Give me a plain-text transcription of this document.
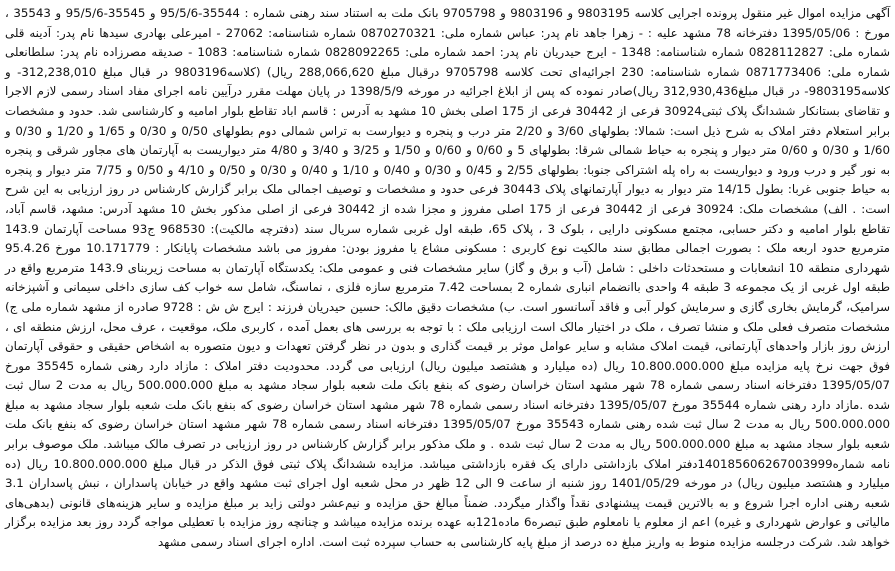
آگهی مزایده اموال غیر منقول پرونده اجرایی کلاسه 9803195 و 9803196 و 9705798 بانک ملت به استناد سند رهنی شماره : 35544-95/5/6 و 35545-95/5/6 و 35543 ، مورخ : 1395/05/06 دفترخانه 78 مشهد علیه : - زهرا جاهد نام پدر: عباس شماره ملی: 0870270321 شماره شناسنامه: 27062 - امیرعلی بهادری سیدها نام پدر: آدینه قلی شماره ملی: 0828112827 شماره شناسنامه: 1348 - ایرج حیدریان نام پدر: احمد شماره ملی: 0828092265 شماره شناسنامه: 1083 - صدیقه مصرزاده نام پدر: سلطانعلی شماره ملی: 0871773406 شماره شناسنامه: 230 اجرائیه‌ای تحت کلاسه 9705798 درقبال مبلغ 288,066,620 ریال) (کلاسه9803196 در قبال مبلغ 312,238,010- و کلاسه9803195- در قبال مبلغ312,930,436 ریال)صادر نموده که پس از ابلاغ اجرائیه در مورخه 1398/5/9 در پایان مهلت مقرر درآیین نامه اجرای مفاد اسناد رسمی لازم الاجرا و تقاضای بستانکار ششدانگ پلاک ثبتی30924 فرعی از 30442 فرعی از 175 اصلی بخش 10 مشهد به آدرس : قاسم اباد تقاطع بلوار امامیه و کارشناسی شد. حدود و مشخصات برابر استعلام دفتر املاک به شرح ذیل است: شمالا: بطولهای 3/60 و 2/20 متر درب و پنجره و دیوارست به تراس شمالی دوم بطولهای 0/50 و 0/30 و 1/65 و 1/20 و 0/30 و 1/60 و 0/30 و 0/60 متر دیوار و پنجره به حیاط شمالی شرقا: بطولهای 5 و 0/60 و 0/60 و 1/50 و 3/25 و 3/40 و 4/80 متر دیواریست به آپارتمان های مجاور شرقی و پنجره به نور گیر و درب ورود و دیواریست به راه پله اشتراکی جنوبا: بطولهای 2/55 و 0/45 و 0/30 و 0/40 و 1/10 و 0/40 و 0/30 و 0/50 و 4/10 و 0/50 و 7/75 متر دیوار و پنجره به حیاط جنوبی غربا: بطول 14/15 متر دیوار به دیوار آپارتمانهای پلاک 30443 فرعی حدود و مشخصات و توصیف اجمالی ملک برابر گزارش کارشناس در روز ارزیابی به این شرح است: . الف) مشخصات ملک: 30924 فرعی از 30442 فرعی از 175 اصلی مفروز و مجزا شده از 30442 فرعی از اصلی مذکور بخش 10 مشهد آدرس: مشهد، قاسم آباد، تقاطع بلوار امامیه و دکتر حسابی، مجتمع مسکونی دارایی ، بلوک 3 ، پلاک 65، طبقه اول غربی شماره سریال سند (دفترچه مالکیت): 968530 ج93 مساحت آپارتمان 143.9 مترمربع حدود اربعه ملک : بصورت اجمالی مطابق سند مالکیت نوع کاربری : مسکونی مشاع یا مفروز بودن: مفروز می باشد مشخصات پایانکار : 10.171779 مورخ 95.4.26 شهرداری منطقه 10 انشعابات و مستحدثات داخلی : شامل (آب و برق و گاز) سایر مشخصات فنی و عمومی ملک: یکدستگاه آپارتمان به مساحت زیربنای 143.9 مترمربع واقع در طبقه اول غربی از یک مجموعه 3 طبقه 4 واحدی باانضمام انباری شماره 2 بمساحت 7.42 مترمربع سازه فلزی ، نماسنگ، شامل سه خواب کف سازی داخلی سیمانی و آشپزخانه سرامیک، گرمایش بخاری گازی و سرمایش کولر آبی و فاقد آسانسور است. ب) مشخصات دقیق مالک: حسین حیدریان فرزند : ایرج ش ش : 9728 صادره از مشهد شماره ملی ج) مشخصات متصرف فعلی ملک و منشا تصرف ، ملک در اختیار مالک است ارزیابی ملک : با توجه به بررسی های بعمل آمده ، کاربری ملک، موقعیت ، عرف محل، ارزش منطقه ای ، ارزش روز بازار واحدهای آپارتمانی، قیمت املاک مشابه و سایر عوامل موثر بر قیمت گذاری و بدون در نظر گرفتن تعهدات و دیون متصوره به اشخاص حقیقی و حقوقی آپارتمان فوق جهت نرخ پایه مزایده مبلغ 10.800.000.000 ریال (ده میلیارد و هشتصد میلیون ریال) ارزیابی می گردد. محدودیت دفتر املاک : مازاد دارد رهنی شماره 35545 مورخ 1395/05/07 دفترخانه اسناد رسمی شماره 78 شهر مشهد استان خراسان رضوی که بنفع بانک ملت شعبه بلوار سجاد مشهد به مبلغ 500.000.000 ریال به مدت 2 سال ثبت شده .مازاد دارد رهنی شماره 35544 مورخ 1395/05/07 دفترخانه اسناد رسمی شماره 78 شهر مشهد استان خراسان رضوی که بنفع بانک ملت شعبه بلوار سجاد مشهد به مبلغ 500.000.000 ریال به مدت 2 سال ثبت شده رهنی شماره 35543 مورخ 1395/05/07 دفترخانه اسناد رسمی شماره 78 شهر مشهد استان خراسان رضوی که بنفع بانک ملت شعبه بلوار سجاد مشهد به مبلغ 500.000.000 ریال به مدت 2 سال ثبت شده . و ملک مذکور برابر گزارش کارشناس در روز ارزیابی در تصرف مالک میباشد. ملک موصوف برابر نامه شماره140185606267003999دفتر املاک بازداشتی دارای یک فقره بازداشتی میباشد. مزایده ششدانگ پلاک ثبتی فوق الذکر در قبال مبلغ 10.800.000.000 ریال (ده میلیارد و هشتصد میلیون ریال) در مورخه 1401/05/29 روز شنبه از ساعت 9 الی 12 ظهر در محل شعبه اول اجرای ثبت مشهد واقع در خیابان پاسداران ، نبش پاسداران 3.1 شعبه رهنی اداره اجرا شروع و به بالاترین قیمت پیشنهادی نقداً واگذار میگردد. ضمناً مبالغ حق مزایده و نیم‌عشر دولتی زاید بر مبلغ مزایده و سایر هزینه‌های قانونی (بدهی‌های مالیاتی و عوارض شهرداری و غیره) اعم از معلوم یا نامعلوم طبق تبصره6 ماده121به عهده برنده مزایده میباشد و چنانچه روز مزایده با تعطیلی مواجه گردد روز بعد مزایده برگزار خواهد شد. شرکت درجلسه مزایده منوط به واریز مبلغ ده درصد از مبلغ پایه کارشناسی به حساب سپرده ثبت است. اداره اجرای اسناد رسمی مشهد
